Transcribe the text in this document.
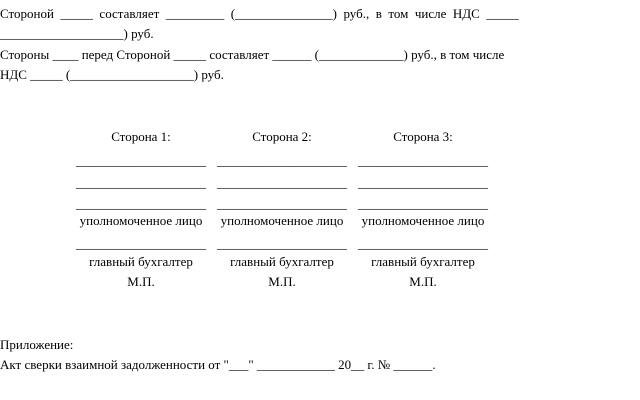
Стороной  _____  составляет  _________  (_______________)  руб.,  в  том  числе  НДС  _____
___________________) руб.
Стороны ____ перед Стороной _____ составляет ______ (_____________) руб., в том числе
НДС _____ (___________________) руб.
Сторона 1:
____________________
____________________
____________________
уполномоченное лицо
____________________
главный бухгалтер
М.П.
Сторона 2:
____________________
____________________
____________________
уполномоченное лицо
____________________
главный бухгалтер
М.П.
Сторона 3:
____________________
____________________
____________________
уполномоченное лицо
____________________
главный бухгалтер
М.П.
Приложение:
Акт сверки взаимной задолженности от "___" ____________ 20__ г. № ______.
